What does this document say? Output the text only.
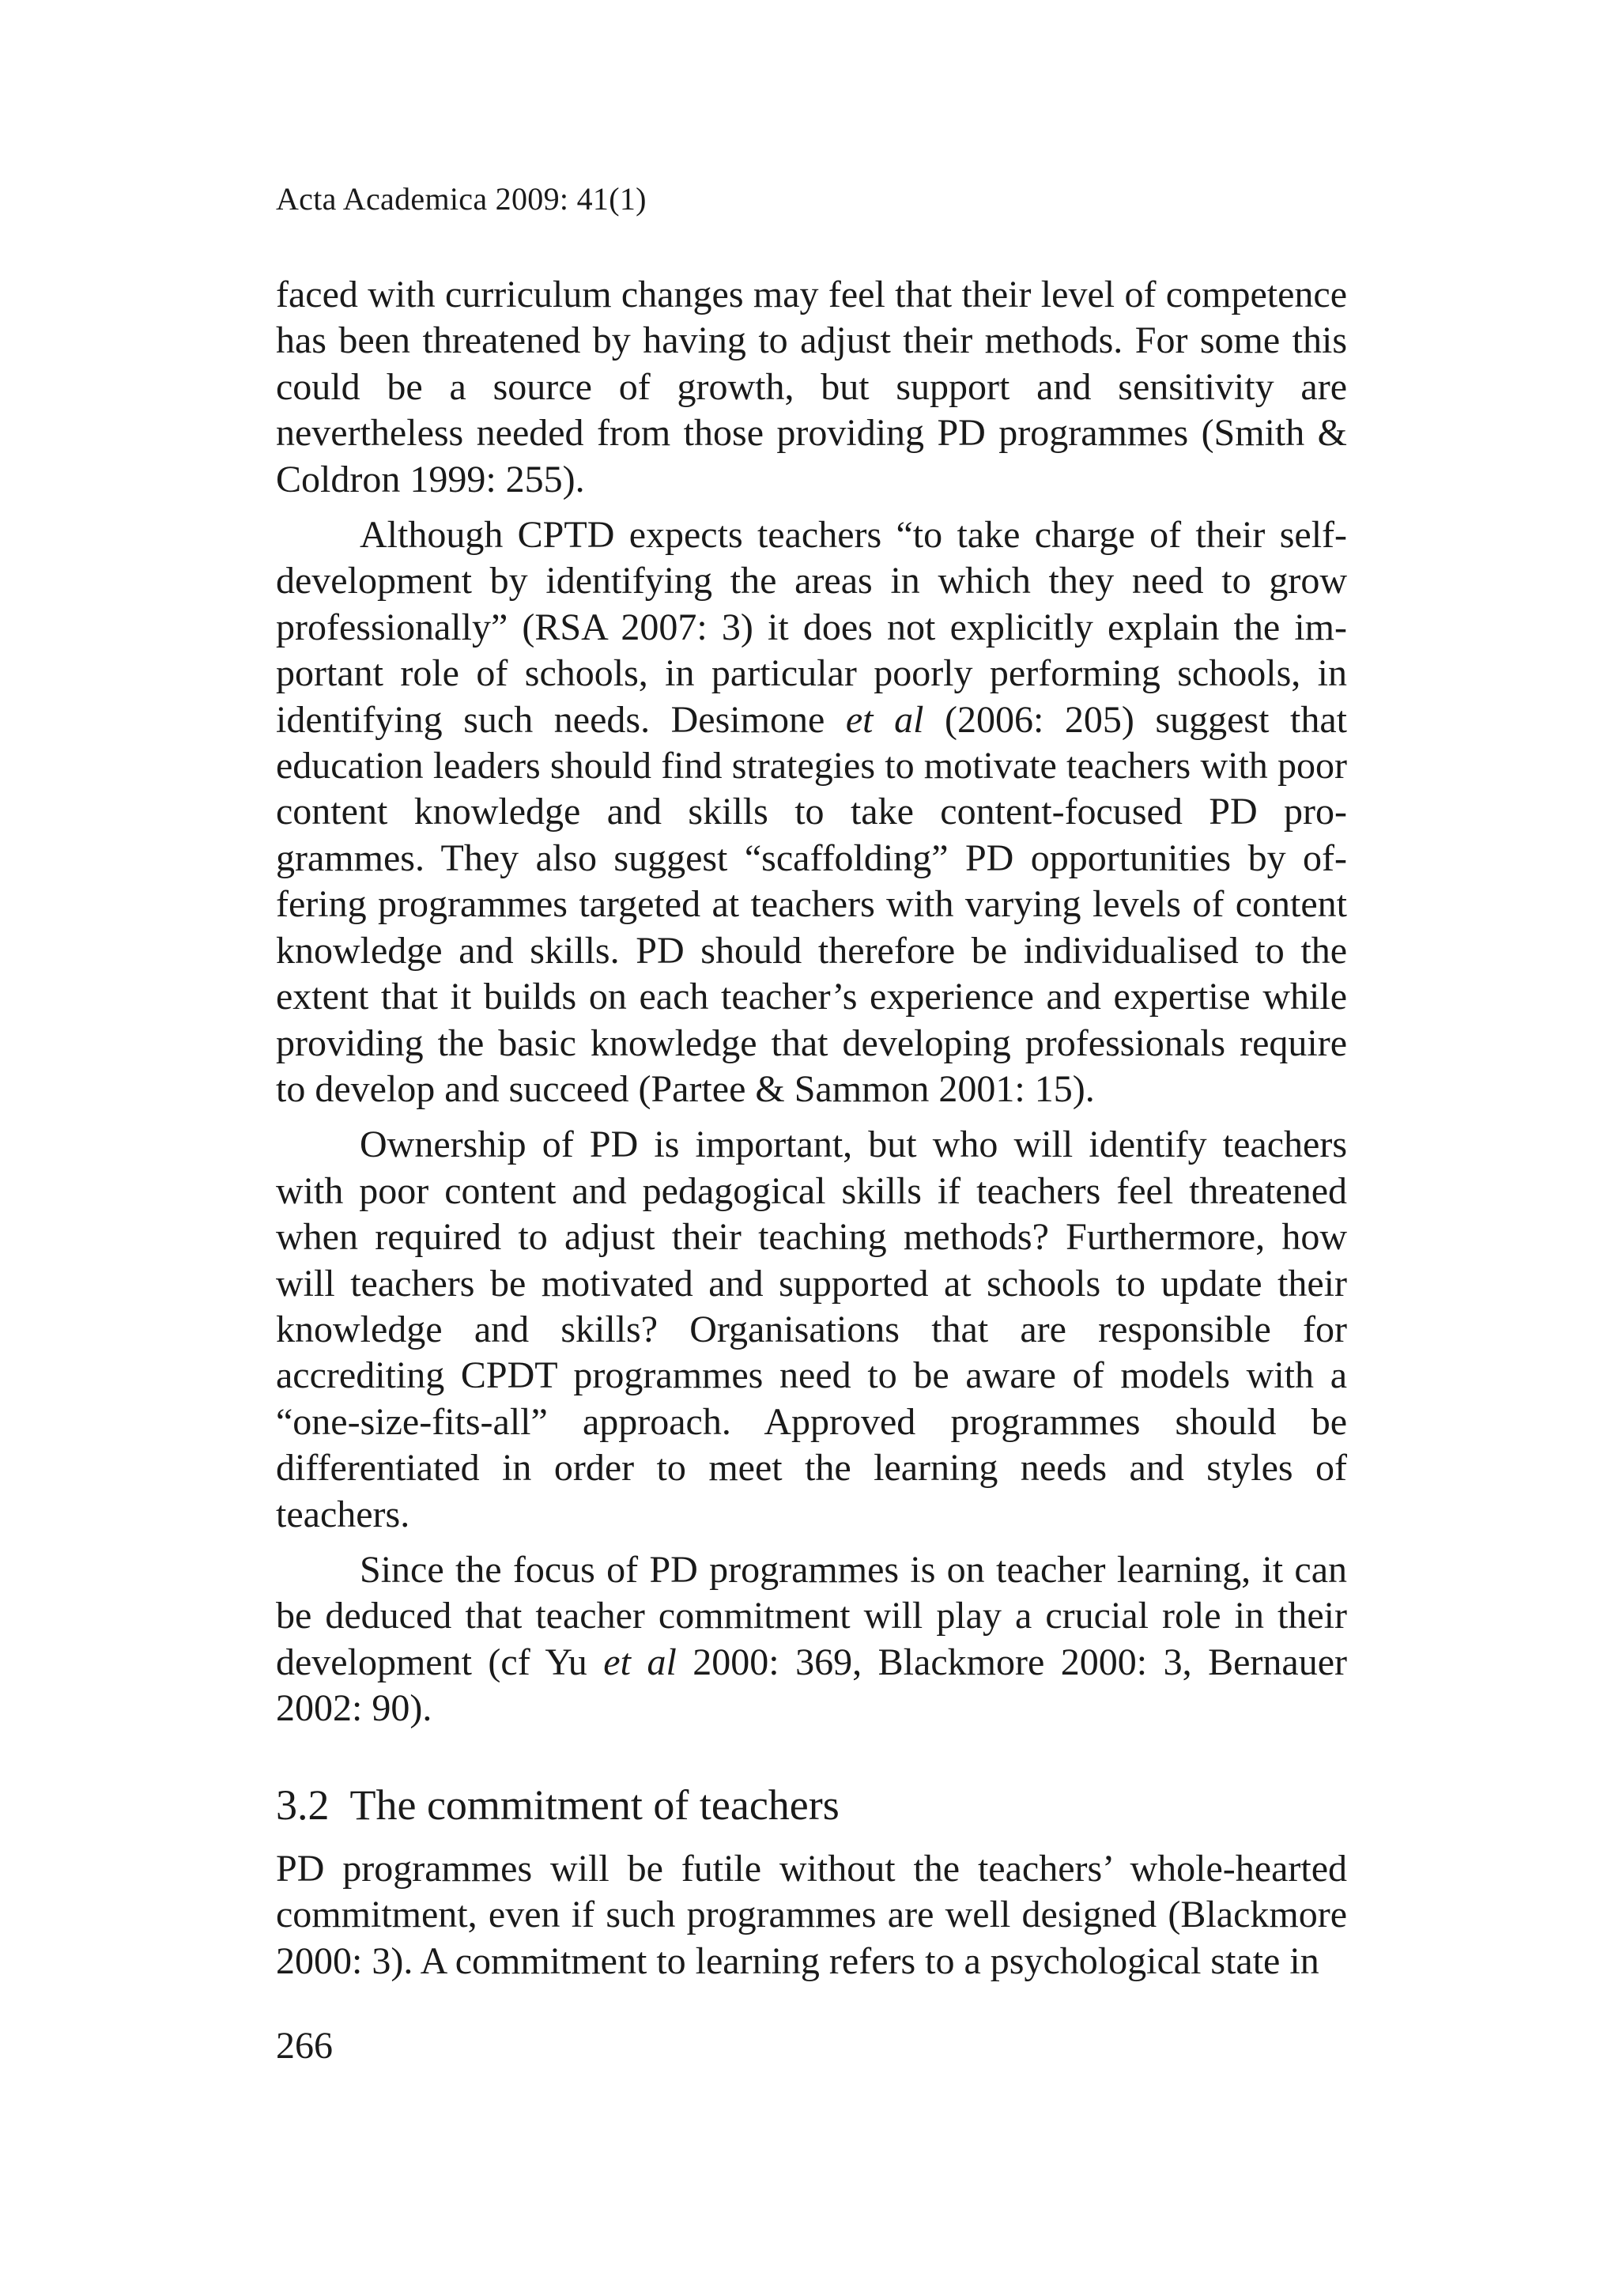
Acta Academica 2009: 41(1)

faced with curriculum changes may feel that their level of competence has been threatened by having to adjust their methods. For some this could be a source of growth, but support and sensitivity are nevertheless needed from those providing PD programmes (Smith & Coldron 1999: 255).

Although CPTD expects teachers “to take charge of their self-development by identifying the areas in which they need to grow professionally” (RSA 2007: 3) it does not explicitly explain the important role of schools, in particular poorly performing schools, in identifying such needs. Desimone et al (2006: 205) suggest that education leaders should find strategies to motivate teachers with poor content knowledge and skills to take content-focused PD programmes. They also suggest “scaffolding” PD opportunities by offering programmes targeted at teachers with varying levels of content knowledge and skills. PD should therefore be individualised to the extent that it builds on each teacher’s experience and expertise while providing the basic knowledge that developing professionals require to develop and succeed (Partee & Sammon 2001: 15).

Ownership of PD is important, but who will identify teachers with poor content and pedagogical skills if teachers feel threatened when required to adjust their teaching methods? Furthermore, how will teachers be motivated and supported at schools to update their knowledge and skills? Organisations that are responsible for accrediting CPDT programmes need to be aware of models with a “one-size-fits-all” approach. Approved programmes should be differentiated in order to meet the learning needs and styles of teachers.

Since the focus of PD programmes is on teacher learning, it can be deduced that teacher commitment will play a crucial role in their development (cf Yu et al 2000: 369, Blackmore 2000: 3, Bernauer 2002: 90).

3.2 The commitment of teachers

PD programmes will be futile without the teachers’ whole-hearted commitment, even if such programmes are well designed (Blackmore 2000: 3). A commitment to learning refers to a psychological state in

266
